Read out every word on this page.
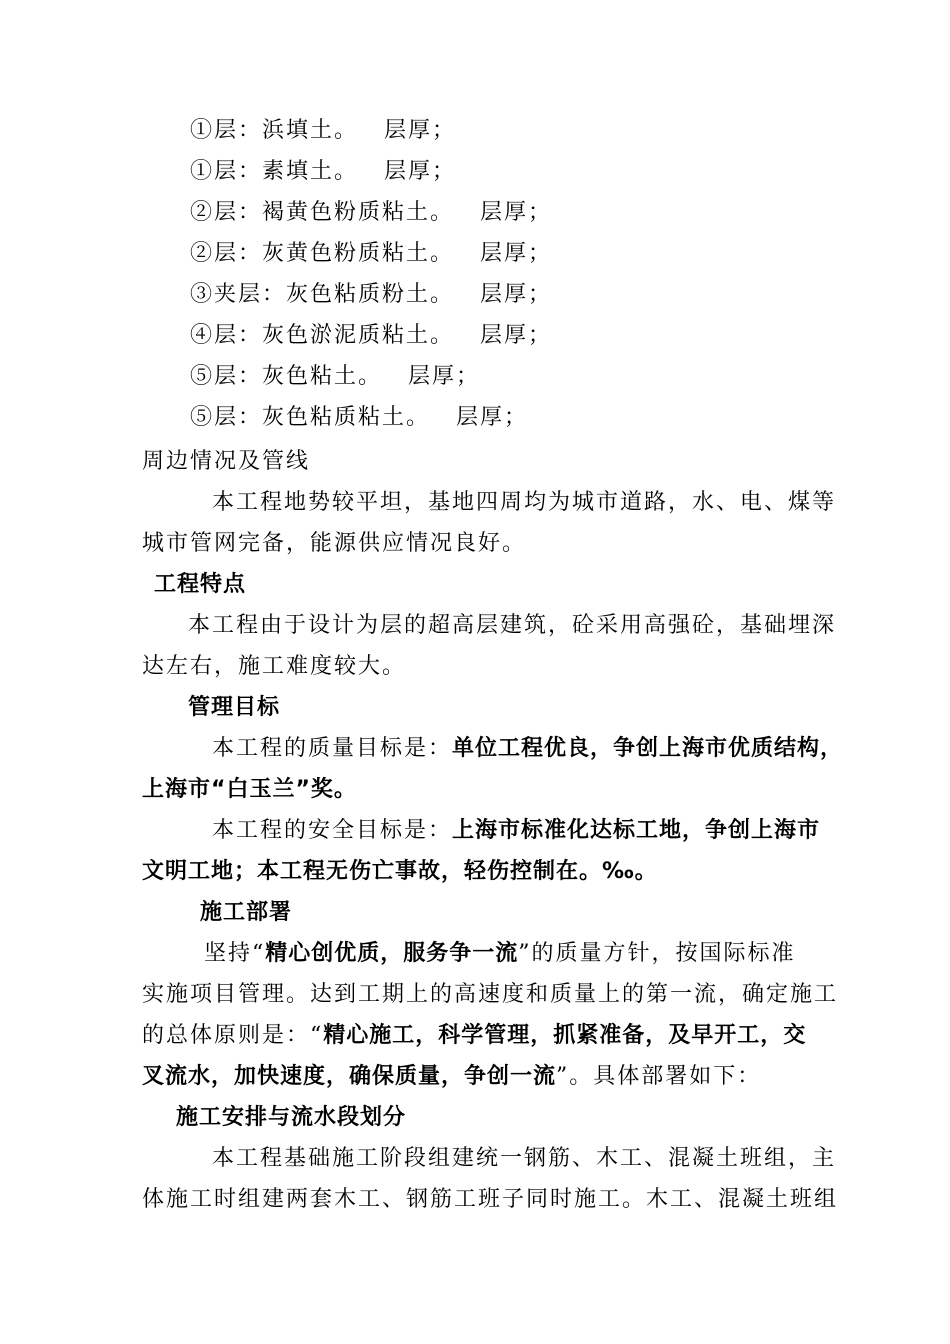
①层：浜填土。 层厚；
①层：素填土。 层厚；
②层：褐黄色粉质粘土。 层厚；
②层：灰黄色粉质粘土。 层厚；
③夹层：灰色粘质粉土。 层厚；
④层：灰色淤泥质粘土。 层厚；
⑤层：灰色粘土。 层厚；
⑤层：灰色粘质粘土。 层厚；
周边情况及管线
本工程地势较平坦，基地四周均为城市道路，水、电、煤等
城市管网完备，能源供应情况良好。
工程特点
本工程由于设计为层的超高层建筑，砼采用高强砼，基础埋深
达左右，施工难度较大。
管理目标
本工程的质量目标是：单位工程优良，争创上海市优质结构，
上海市“白玉兰”奖。
本工程的安全目标是：上海市标准化达标工地，争创上海市
文明工地；本工程无伤亡事故，轻伤控制在。‰。
施工部署
坚持“精心创优质，服务争一流”的质量方针，按国际标准
实施项目管理。达到工期上的高速度和质量上的第一流，确定施工
的总体原则是：“精心施工，科学管理，抓紧准备，及早开工，交
叉流水，加快速度，确保质量，争创一流”。具体部署如下：
施工安排与流水段划分
本工程基础施工阶段组建统一钢筋、木工、混凝土班组，主
体施工时组建两套木工、钢筋工班子同时施工。木工、混凝土班组
